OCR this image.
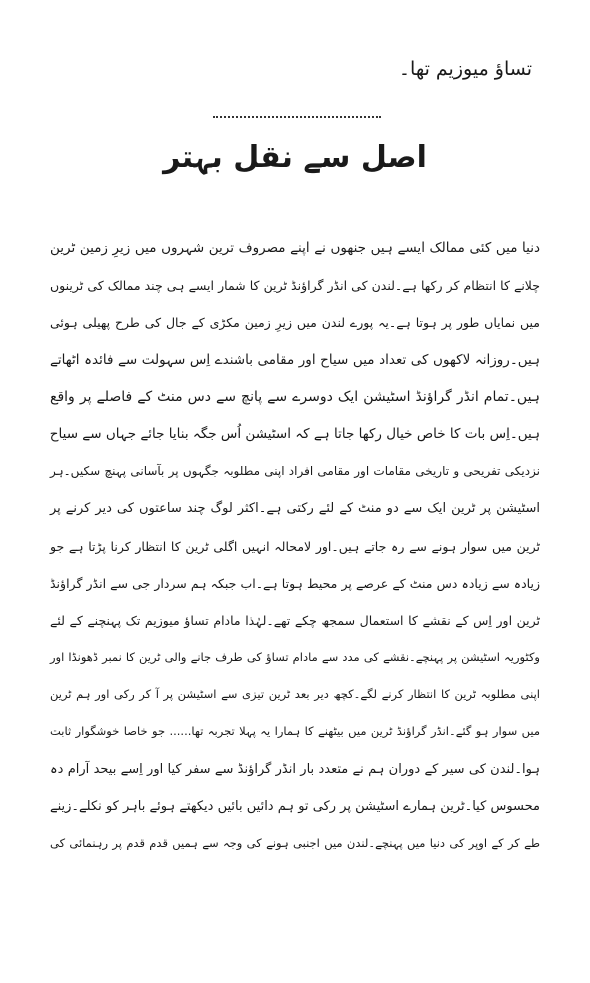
تساؤ میوزیم تھا۔
اصل سے نقل بہتر
دنیا میں کئی ممالک ایسے ہیں جنھوں نے اپنے مصروف ترین شہروں میں زیرِ زمین ٹرین
چلانے کا انتظام کر رکھا ہے۔لندن کی انڈر گراؤنڈ ٹرین کا شمار ایسے ہی چند ممالک کی ٹرینوں
میں نمایاں طور پر ہوتا ہے۔یہ پورے لندن میں زیرِ زمین مکڑی کے جال کی طرح پھیلی ہوئی
ہیں۔روزانہ لاکھوں کی تعداد میں سیاح اور مقامی باشندے اِس سہولت سے فائدہ اٹھاتے
ہیں۔تمام انڈر گراؤنڈ اسٹیشن ایک دوسرے سے پانچ سے دس منٹ کے فاصلے پر واقع
ہیں۔اِس بات کا خاص خیال رکھا جاتا ہے کہ اسٹیشن اُس جگہ بنایا جائے جہاں سے سیاح
نزدیکی تفریحی و تاریخی مقامات اور مقامی افراد اپنی مطلوبہ جگہوں پر بآسانی پہنچ سکیں۔ہر
اسٹیشن پر ٹرین ایک سے دو منٹ کے لئے رکتی ہے۔اکثر لوگ چند ساعتوں کی دیر کرنے پر
ٹرین میں سوار ہونے سے رہ جاتے ہیں۔اور لامحالہ انہیں اگلی ٹرین کا انتظار کرنا پڑتا ہے جو
زیادہ سے زیادہ دس منٹ کے عرصے پر محیط ہوتا ہے۔اب جبکہ ہم سردار جی سے انڈر گراؤنڈ
ٹرین اور اِس کے نقشے کا استعمال سمجھ چکے تھے۔لہٰذا مادام تساؤ میوزیم تک پہنچنے کے لئے
وکٹوریہ اسٹیشن پر پہنچے۔نقشے کی مدد سے مادام تساؤ کی طرف جانے والی ٹرین کا نمبر ڈھونڈا اور
اپنی مطلوبہ ٹرین کا انتظار کرنے لگے۔کچھ دیر بعد ٹرین تیزی سے اسٹیشن پر آ کر رکی اور ہم ٹرین
میں سوار ہو گئے۔انڈر گراؤنڈ ٹرین میں بیٹھنے کا ہمارا یہ پہلا تجربہ تھا...... جو خاصا خوشگوار ثابت
ہوا۔لندن کی سیر کے دوران ہم نے متعدد بار انڈر گراؤنڈ سے سفر کیا اور اِسے بیحد آرام دہ
محسوس کیا۔ٹرین ہمارے اسٹیشن پر رکی تو ہم دائیں بائیں دیکھتے ہوئے باہر کو نکلے۔زینے
طے کر کے اوپر کی دنیا میں پہنچے۔لندن میں اجنبی ہونے کی وجہ سے ہمیں قدم قدم پر رہنمائی کی
